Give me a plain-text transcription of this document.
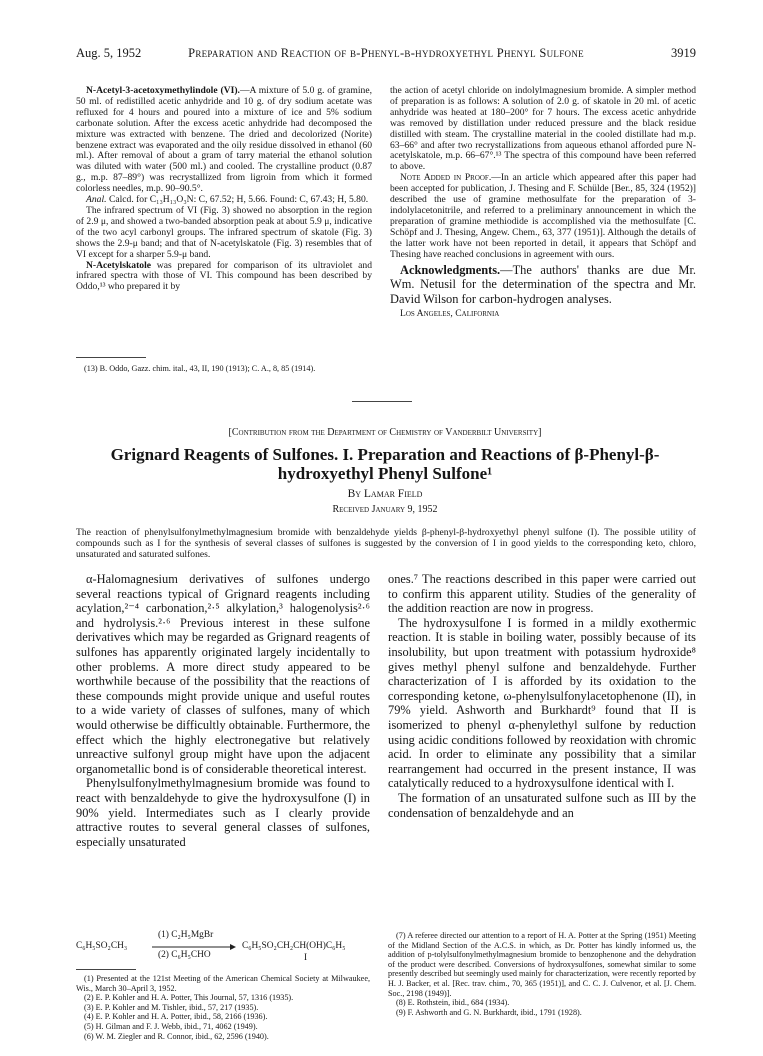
Aug. 5, 1952	Preparation and Reaction of β-Phenyl-β-hydroxyethyl Phenyl Sulfone	3919

N-Acetyl-3-acetoxymethylindole (VI).—A mixture of 5.0 g. of gramine, 50 ml. of redistilled acetic anhydride and 10 g. of dry sodium acetate was refluxed for 4 hours and poured into a mixture of ice and 5% sodium carbonate solution. After the excess acetic anhydride had decomposed the mixture was extracted with benzene. The dried and decolorized (Norite) benzene extract was evaporated and the oily residue dissolved in ethanol (60 ml.). After removal of about a gram of tarry material the ethanol solution was diluted with water (500 ml.) and cooled. The crystalline product (0.87 g., m.p. 87–89°) was recrystallized from ligroin from which it formed colorless needles, m.p. 90–90.5°.

Anal. Calcd. for C₁₃H₁₃O₃N: C, 67.52; H, 5.66. Found: C, 67.43; H, 5.80.

The infrared spectrum of VI (Fig. 3) showed no absorption in the region of 2.9 μ, and showed a two-banded absorption peak at about 5.9 μ, indicative of the two acyl carbonyl groups. The infrared spectrum of skatole (Fig. 3) shows the 2.9-μ band; and that of N-acetylskatole (Fig. 3) resembles that of VI except for a sharper 5.9-μ band.

N-Acetylskatole was prepared for comparison of its ultraviolet and infrared spectra with those of VI. This compound has been described by Oddo,¹³ who prepared it by

(13) B. Oddo, Gazz. chim. ital., 43, II, 190 (1913); C. A., 8, 85 (1914).

the action of acetyl chloride on indolylmagnesium bromide. A simpler method of preparation is as follows: A solution of 2.0 g. of skatole in 20 ml. of acetic anhydride was heated at 180–200° for 7 hours. The excess acetic anhydride was removed by distillation under reduced pressure and the black residue distilled with steam. The crystalline material in the cooled distillate had m.p. 63–66° and after two recrystallizations from aqueous ethanol afforded pure N-acetylskatole, m.p. 66–67°.¹³ The spectra of this compound have been referred to above.

Note Added in Proof.—In an article which appeared after this paper had been accepted for publication, J. Thesing and F. Schülde [Ber., 85, 324 (1952)] described the use of gramine methosulfate for the preparation of 3-indolylacetonitrile, and referred to a preliminary announcement in which the preparation of gramine methiodide is accomplished via the methosulfate [C. Schöpf and J. Thesing, Angew. Chem., 63, 377 (1951)]. Although the details of the latter work have not been reported in detail, it appears that Schöpf and Thesing have reached conclusions in agreement with ours.

Acknowledgments.—The authors' thanks are due Mr. Wm. Netusil for the determination of the spectra and Mr. David Wilson for carbon-hydrogen analyses.

Los Angeles, California

[Contribution from the Department of Chemistry of Vanderbilt University]
Grignard Reagents of Sulfones. I. Preparation and Reactions of β-Phenyl-β-hydroxyethyl Phenyl Sulfone¹
By Lamar Field
Received January 9, 1952
The reaction of phenylsulfonylmethylmagnesium bromide with benzaldehyde yields β-phenyl-β-hydroxyethyl phenyl sulfone (I). The possible utility of compounds such as I for the synthesis of several classes of sulfones is suggested by the conversion of I in good yields to the corresponding keto, chloro, unsaturated and saturated sulfones.

α-Halomagnesium derivatives of sulfones undergo several reactions typical of Grignard reagents including acylation,²⁻⁴ carbonation,²·⁵ alkylation,³ halogenolysis²·⁶ and hydrolysis.²·⁶ Previous interest in these sulfone derivatives which may be regarded as Grignard reagents of sulfones has apparently originated largely incidentally to other problems. A more direct study appeared to be worthwhile because of the possibility that the reactions of these compounds might provide unique and useful routes to a wide variety of classes of sulfones, many of which would otherwise be difficultly obtainable. Furthermore, the effect which the highly electronegative but relatively unreactive sulfonyl group might have upon the adjacent organometallic bond is of considerable theoretical interest.

Phenylsulfonylmethylmagnesium bromide was found to react with benzaldehyde to give the hydroxysulfone (I) in 90% yield. Intermediates such as I clearly provide attractive routes to several general classes of sulfones, especially unsaturated

C₆H₅SO₂CH₃
(1) C₂H₅MgBr
(2) C₆H₅CHO
C₆H₅SO₂CH₂CH(OH)C₆H₅
I

(1) Presented at the 121st Meeting of the American Chemical Society at Milwaukee, Wis., March 30–April 3, 1952.

(2) E. P. Kohler and H. A. Potter, This Journal, 57, 1316 (1935).

(3) E. P. Kohler and M. Tishler, ibid., 57, 217 (1935).

(4) E. P. Kohler and H. A. Potter, ibid., 58, 2166 (1936).

(5) H. Gilman and F. J. Webb, ibid., 71, 4062 (1949).

(6) W. M. Ziegler and R. Connor, ibid., 62, 2596 (1940).

ones.⁷ The reactions described in this paper were carried out to confirm this apparent utility. Studies of the generality of the addition reaction are now in progress.

The hydroxysulfone I is formed in a mildly exothermic reaction. It is stable in boiling water, possibly because of its insolubility, but upon treatment with potassium hydroxide⁸ gives methyl phenyl sulfone and benzaldehyde. Further characterization of I is afforded by its oxidation to the corresponding ketone, ω-phenylsulfonylacetophenone (II), in 79% yield. Ashworth and Burkhardt⁹ found that II is isomerized to phenyl α-phenylethyl sulfone by reduction using acidic conditions followed by reoxidation with chromic acid. In order to eliminate any possibility that a similar rearrangement had occurred in the present instance, II was catalytically reduced to a hydroxysulfone identical with I.

The formation of an unsaturated sulfone such as III by the condensation of benzaldehyde and an

(7) A referee directed our attention to a report of H. A. Potter at the Spring (1951) Meeting of the Midland Section of the A.C.S. in which, as Dr. Potter has kindly informed us, the addition of p-tolylsulfonylmethylmagnesium bromide to benzophenone and the dehydration of the product were described. Conversions of hydroxysulfones, somewhat similar to some presently described but seemingly used mainly for characterization, were recently reported by H. J. Backer, et al. [Rec. trav. chim., 70, 365 (1951)], and C. C. J. Culvenor, et al. [J. Chem. Soc., 2198 (1949)].

(8) E. Rothstein, ibid., 684 (1934).

(9) F. Ashworth and G. N. Burkhardt, ibid., 1791 (1928).
